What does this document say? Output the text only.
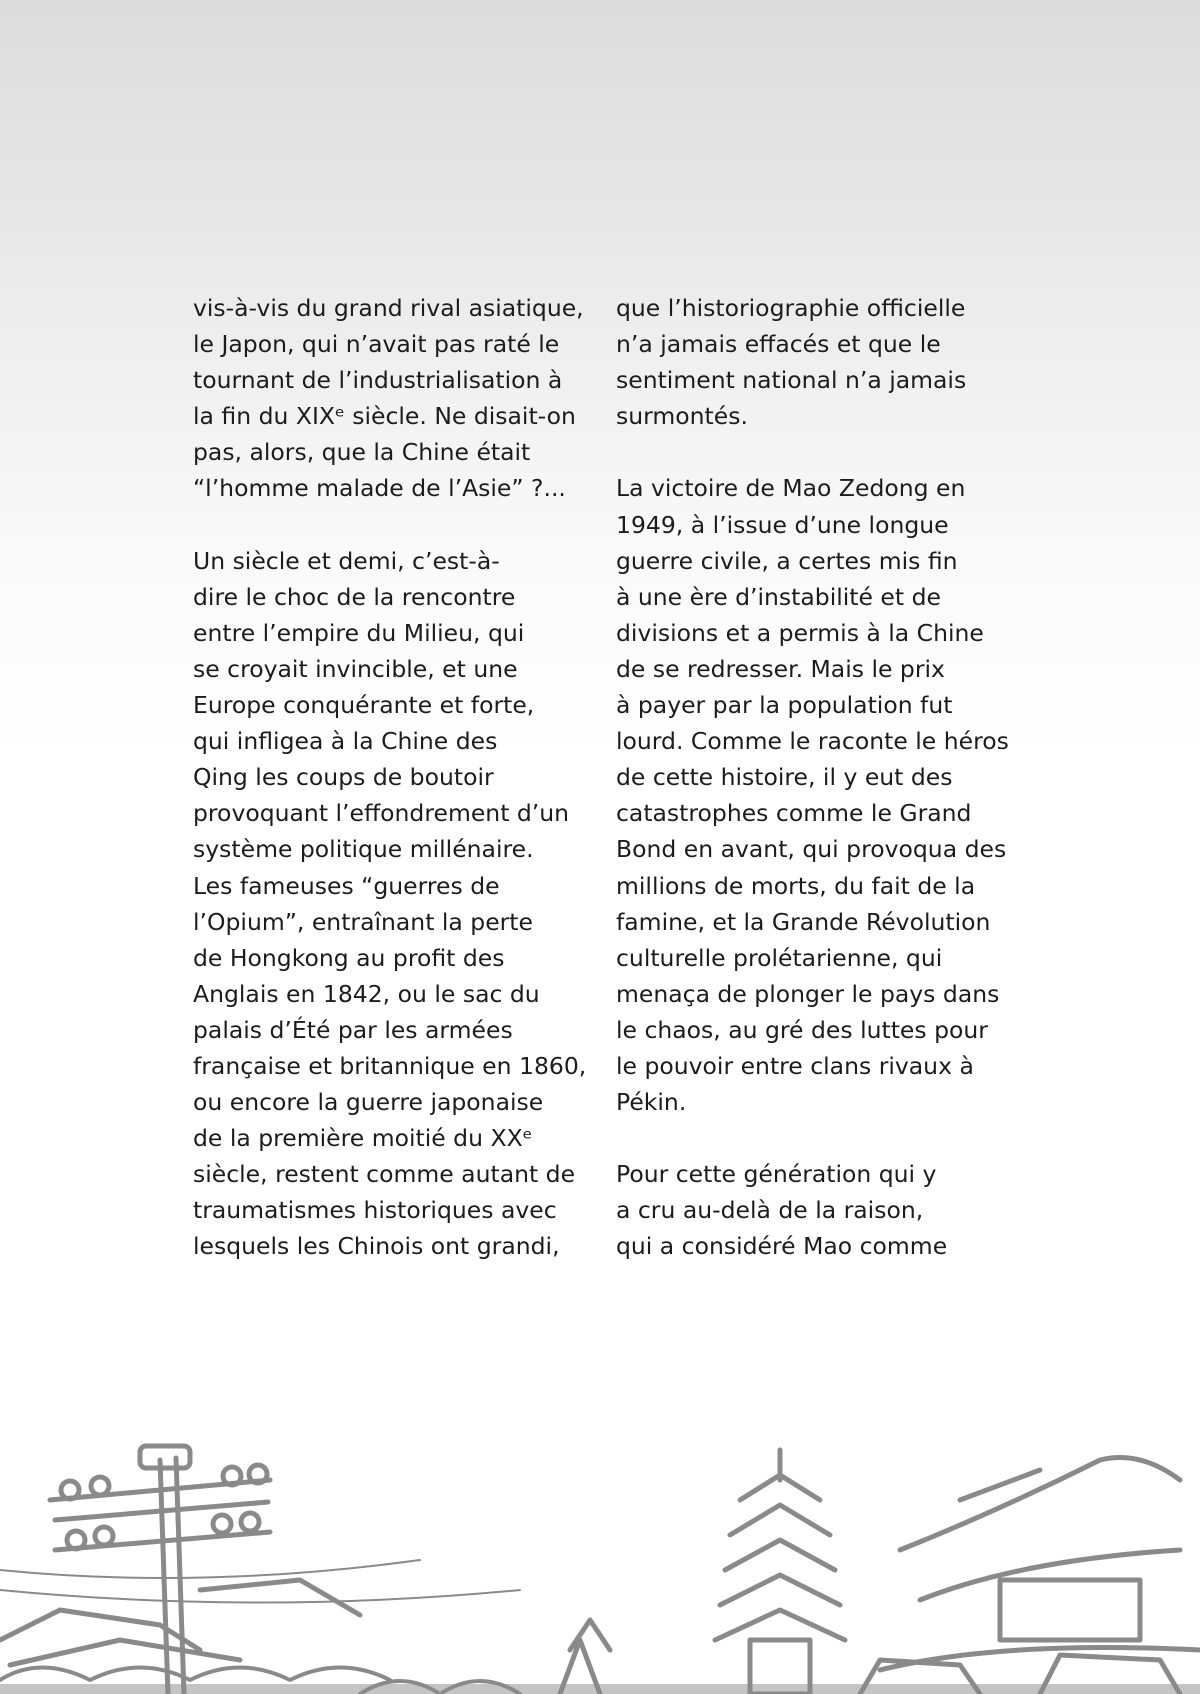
vis-à-vis du grand rival asiatique,
le Japon, qui n’avait pas raté le
tournant de l’industrialisation à
la fin du XIXᵉ siècle. Ne disait-on
pas, alors, que la Chine était
“l’homme malade de l’Asie” ?...

Un siècle et demi, c’est-à-
dire le choc de la rencontre
entre l’empire du Milieu, qui
se croyait invincible, et une
Europe conquérante et forte,
qui infligea à la Chine des
Qing les coups de boutoir
provoquant l’effondrement d’un
système politique millénaire.
Les fameuses “guerres de
l’Opium”, entraînant la perte
de Hongkong au profit des
Anglais en 1842, ou le sac du
palais d’Été par les armées
française et britannique en 1860,
ou encore la guerre japonaise
de la première moitié du XXᵉ
siècle, restent comme autant de
traumatismes historiques avec
lesquels les Chinois ont grandi,

que l’historiographie officielle
n’a jamais effacés et que le
sentiment national n’a jamais
surmontés.

La victoire de Mao Zedong en
1949, à l’issue d’une longue
guerre civile, a certes mis fin
à une ère d’instabilité et de
divisions et a permis à la Chine
de se redresser. Mais le prix
à payer par la population fut
lourd. Comme le raconte le héros
de cette histoire, il y eut des
catastrophes comme le Grand
Bond en avant, qui provoqua des
millions de morts, du fait de la
famine, et la Grande Révolution
culturelle prolétarienne, qui
menaça de plonger le pays dans
le chaos, au gré des luttes pour
le pouvoir entre clans rivaux à
Pékin.

Pour cette génération qui y
a cru au-delà de la raison,
qui a considéré Mao comme
